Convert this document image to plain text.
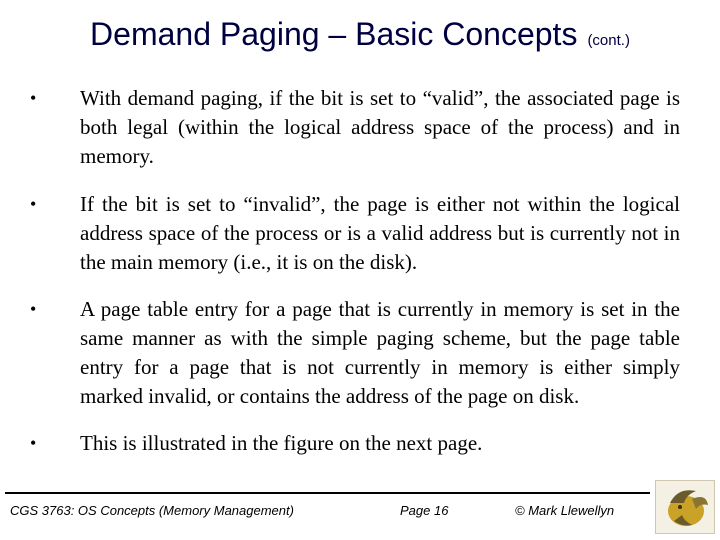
Demand Paging – Basic Concepts (cont.)
• With demand paging, if the bit is set to “valid”, the associated page is both legal (within the logical address space of the process) and in memory.
• If the bit is set to “invalid”, the page is either not within the logical address space of the process or is a valid address but is currently not in the main memory (i.e., it is on the disk).
• A page table entry for a page that is currently in memory is set in the same manner as with the simple paging scheme, but the page table entry for a page that is not currently in memory is either simply marked invalid, or contains the address of the page on disk.
• This is illustrated in the figure on the next page.
CGS 3763: OS Concepts (Memory Management)	Page 16	© Mark Llewellyn
